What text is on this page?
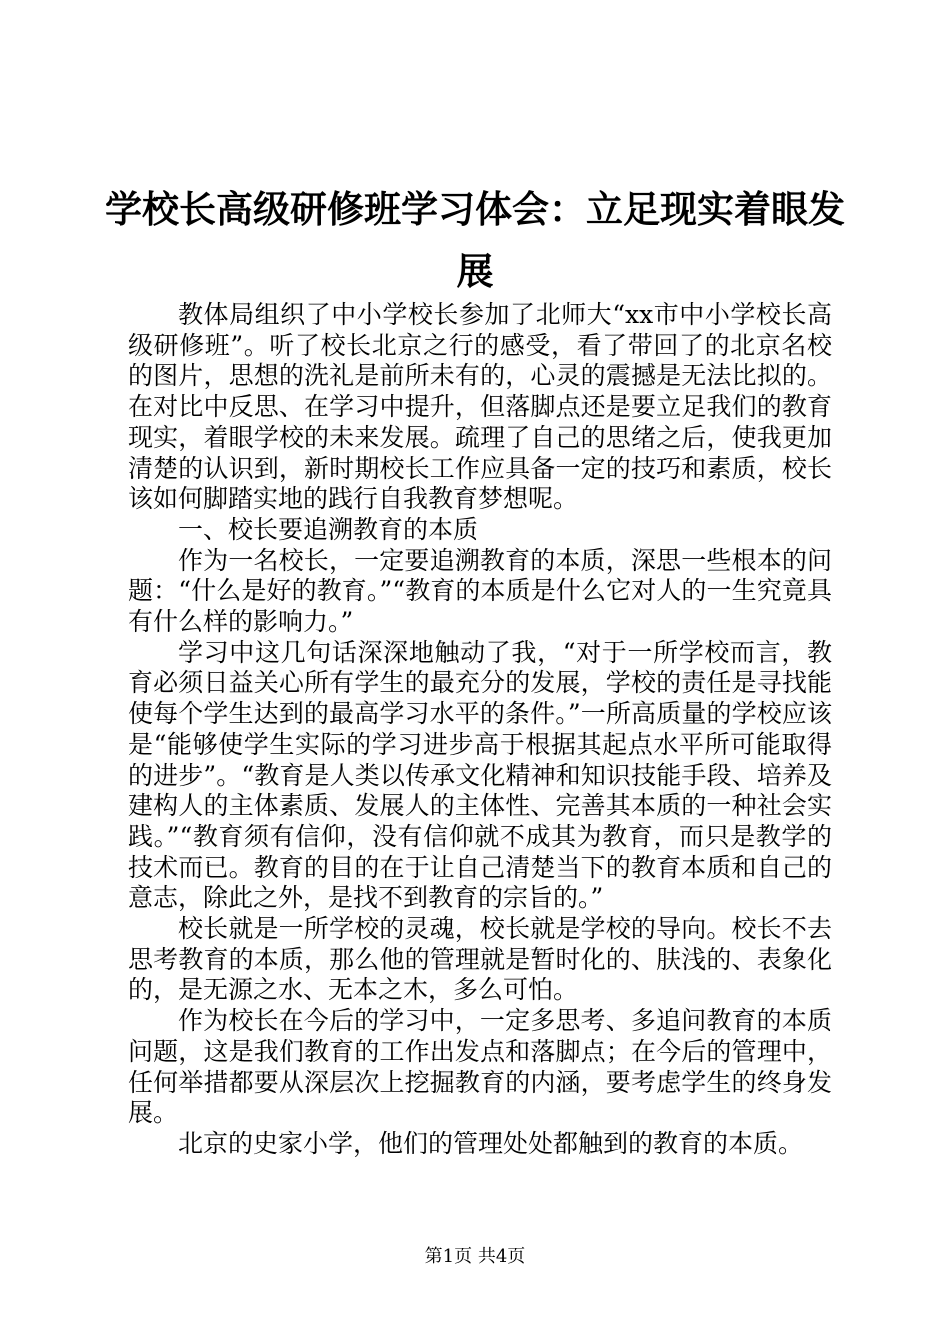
学校长高级研修班学习体会：立足现实着眼发展

教体局组织了中小学校长参加了北师大“xx市中小学校长高级研修班”。听了校长北京之行的感受，看了带回了的北京名校的图片，思想的洗礼是前所未有的，心灵的震撼是无法比拟的。在对比中反思、在学习中提升，但落脚点还是要立足我们的教育现实，着眼学校的未来发展。疏理了自己的思绪之后，使我更加清楚的认识到，新时期校长工作应具备一定的技巧和素质，校长该如何脚踏实地的践行自我教育梦想呢。

一、校长要追溯教育的本质

作为一名校长，一定要追溯教育的本质，深思一些根本的问题：“什么是好的教育。”“教育的本质是什么它对人的一生究竟具有什么样的影响力。”

学习中这几句话深深地触动了我，“对于一所学校而言，教育必须日益关心所有学生的最充分的发展，学校的责任是寻找能使每个学生达到的最高学习水平的条件。”一所高质量的学校应该是“能够使学生实际的学习进步高于根据其起点水平所可能取得的进步”。“教育是人类以传承文化精神和知识技能手段、培养及建构人的主体素质、发展人的主体性、完善其本质的一种社会实践。”“教育须有信仰，没有信仰就不成其为教育，而只是教学的技术而已。教育的目的在于让自己清楚当下的教育本质和自己的意志，除此之外，是找不到教育的宗旨的。”

校长就是一所学校的灵魂，校长就是学校的导向。校长不去思考教育的本质，那么他的管理就是暂时化的、肤浅的、表象化的，是无源之水、无本之木，多么可怕。

作为校长在今后的学习中，一定多思考、多追问教育的本质问题，这是我们教育的工作出发点和落脚点；在今后的管理中，任何举措都要从深层次上挖掘教育的内涵，要考虑学生的终身发展。

北京的史家小学，他们的管理处处都触到的教育的本质。

第1页 共4页
